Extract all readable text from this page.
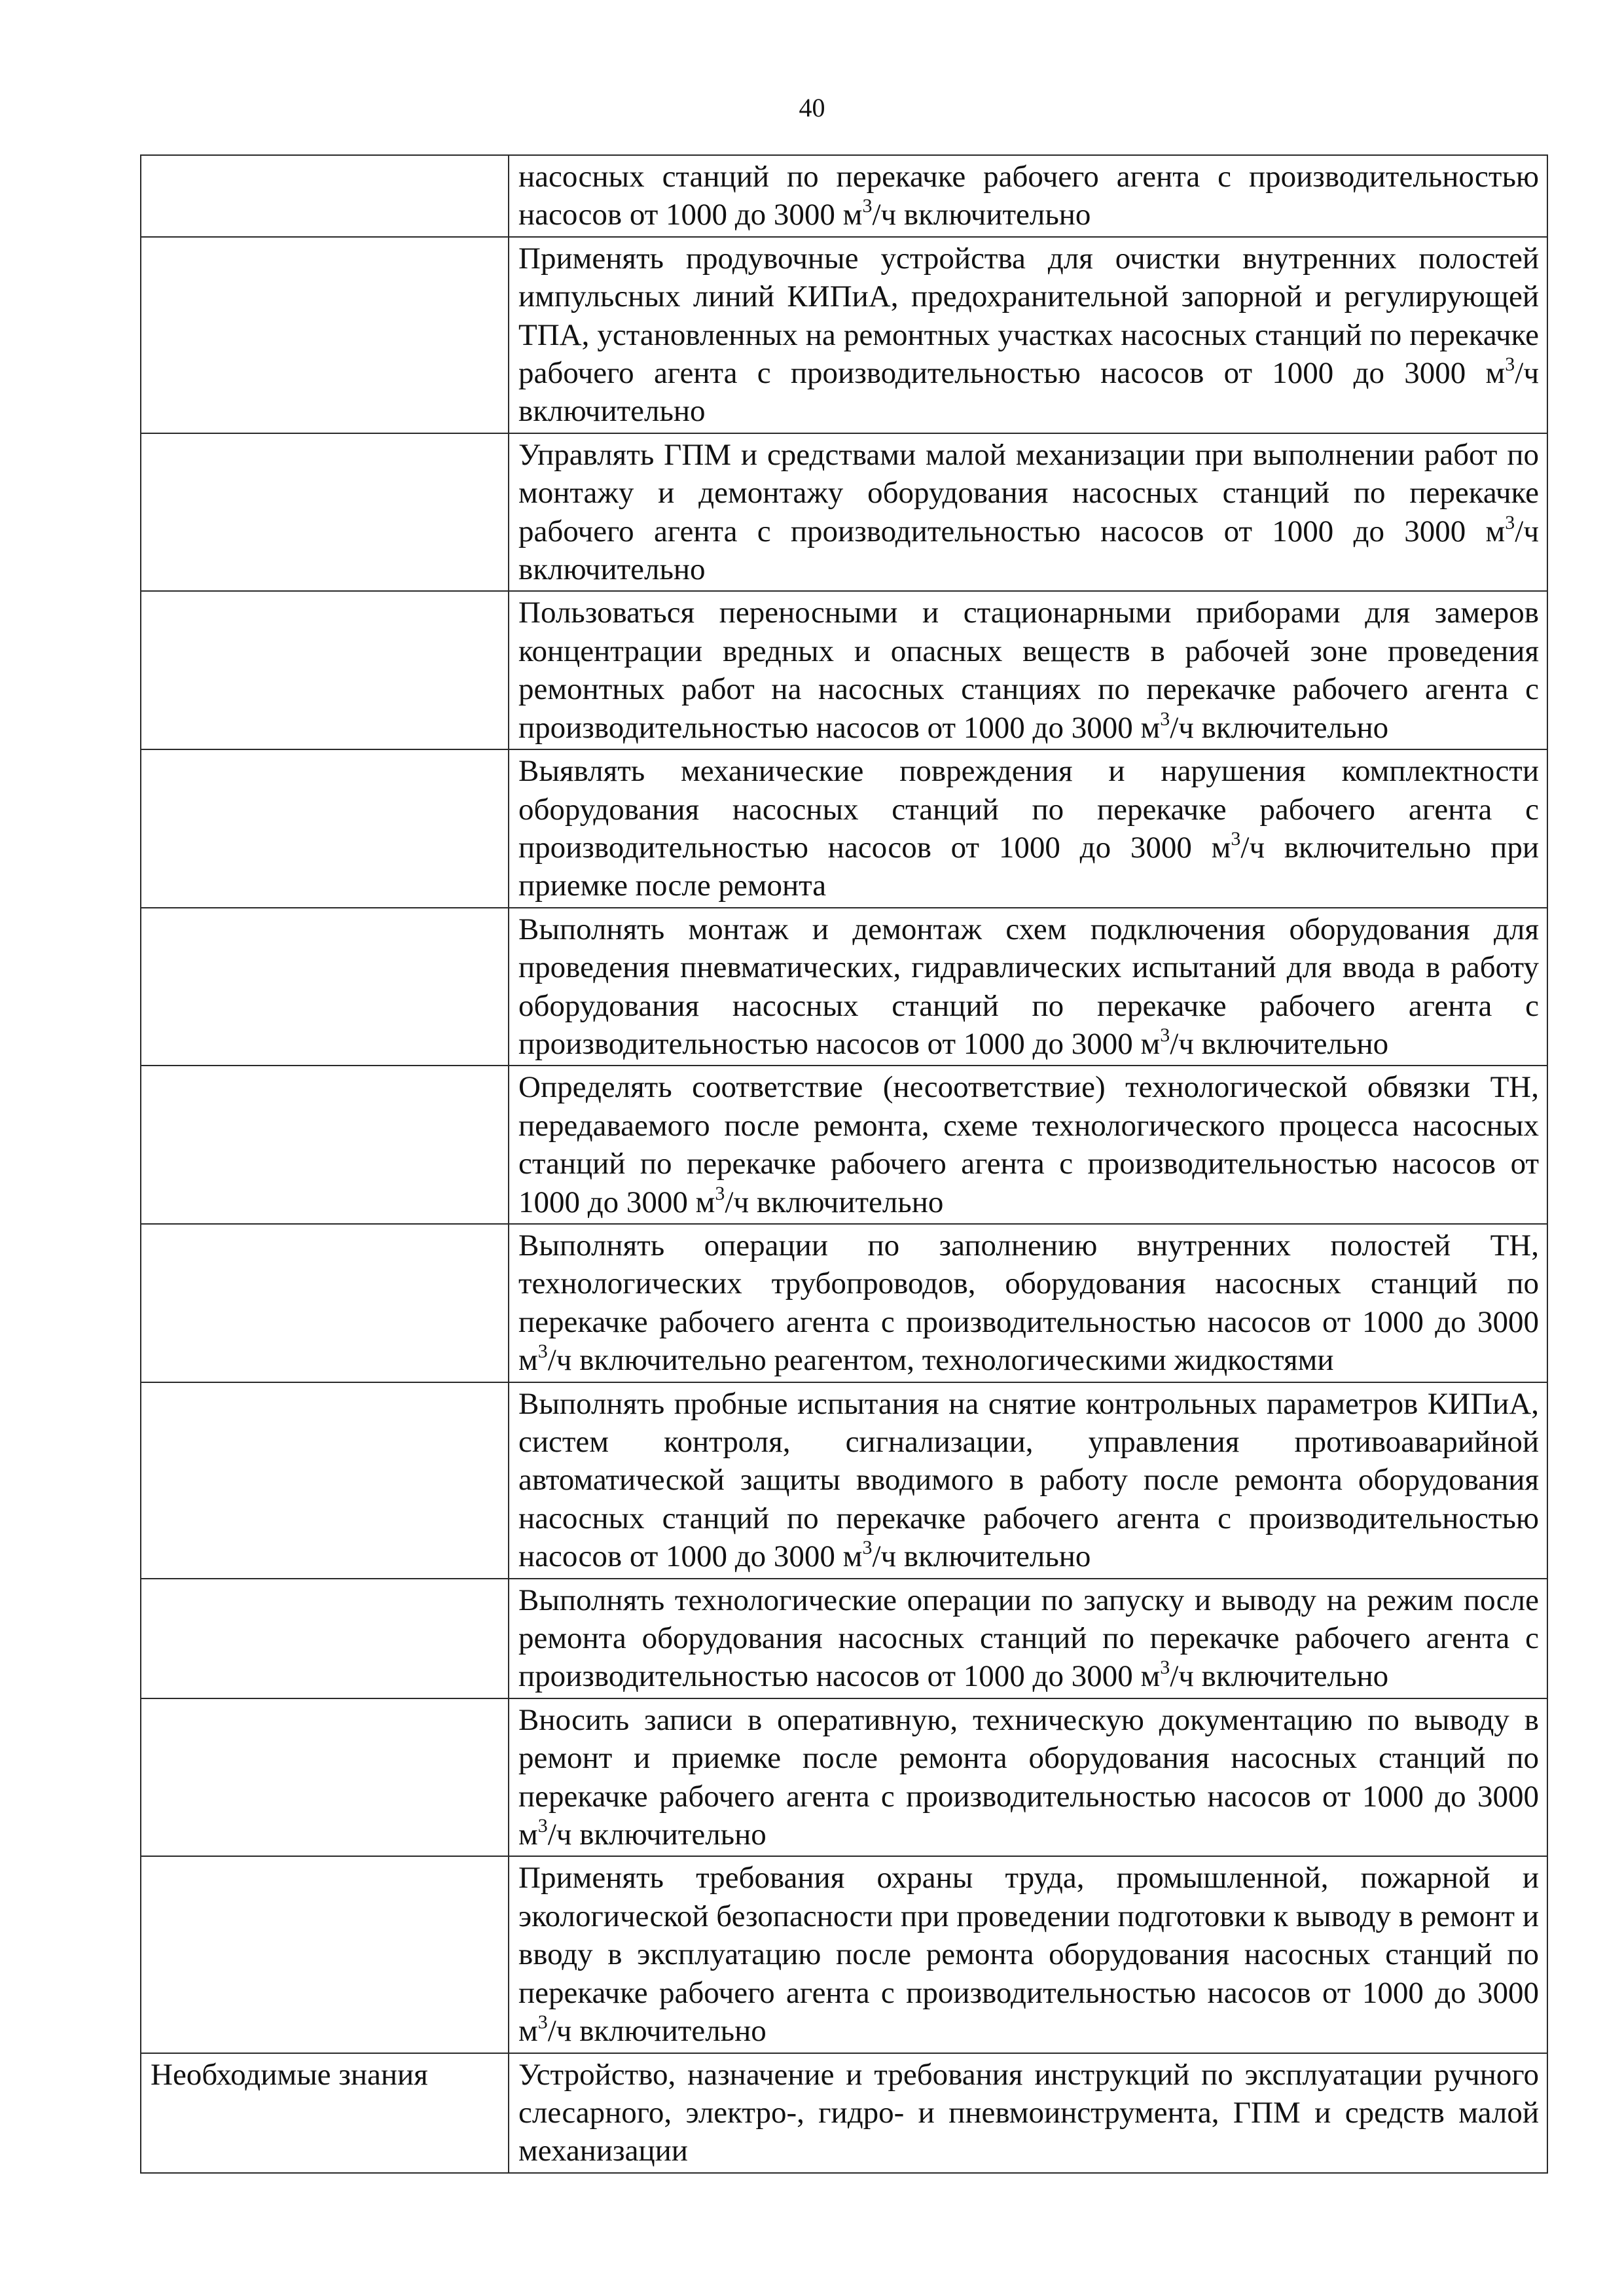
40
	насосных станций по перекачке рабочего агента с производительностью насосов от 1000 до 3000 $м^3/ч$ включительно
	Применять продувочные устройства для очистки внутренних полостей импульсных линий КИПиА, предохранительной запорной и регулирующей ТПА, установленных на ремонтных участках насосных станций по перекачке рабочего агента с производительностью насосов от 1000 до 3000 $м^3/ч$ включительно
	Управлять ГПМ и средствами малой механизации при выполнении работ по монтажу и демонтажу оборудования насосных станций по перекачке рабочего агента с производительностью насосов от 1000 до 3000 $м^3/ч$ включительно
	Пользоваться переносными и стационарными приборами для замеров концентрации вредных и опасных веществ в рабочей зоне проведения ремонтных работ на насосных станциях по перекачке рабочего агента с производительностью насосов от 1000 до 3000 $м^3/ч$ включительно
	Выявлять механические повреждения и нарушения комплектности оборудования насосных станций по перекачке рабочего агента с производительностью насосов от 1000 до 3000 $м^3/ч$ включительно при приемке после ремонта
	Выполнять монтаж и демонтаж схем подключения оборудования для проведения пневматических, гидравлических испытаний для ввода в работу оборудования насосных станций по перекачке рабочего агента с производительностью насосов от 1000 до 3000 $м^3/ч$ включительно
	Определять соответствие (несоответствие) технологической обвязки ТН, передаваемого после ремонта, схеме технологического процесса насосных станций по перекачке рабочего агента с производительностью насосов от 1000 до 3000 $м^3/ч$ включительно
	Выполнять операции по заполнению внутренних полостей ТН, технологических трубопроводов, оборудования насосных станций по перекачке рабочего агента с производительностью насосов от 1000 до 3000 $м^3/ч$ включительно реагентом, технологическими жидкостями
	Выполнять пробные испытания на снятие контрольных параметров КИПиА, систем контроля, сигнализации, управления противоаварийной автоматической защиты вводимого в работу после ремонта оборудования насосных станций по перекачке рабочего агента с производительностью насосов от 1000 до 3000 $м^3/ч$ включительно
	Выполнять технологические операции по запуску и выводу на режим после ремонта оборудования насосных станций по перекачке рабочего агента с производительностью насосов от 1000 до 3000 $м^3/ч$ включительно
	Вносить записи в оперативную, техническую документацию по выводу в ремонт и приемке после ремонта оборудования насосных станций по перекачке рабочего агента с производительностью насосов от 1000 до 3000 $м^3/ч$ включительно
	Применять требования охраны труда, промышленной, пожарной и экологической безопасности при проведении подготовки к выводу в ремонт и вводу в эксплуатацию после ремонта оборудования насосных станций по перекачке рабочего агента с производительностью насосов от 1000 до 3000 $м^3/ч$ включительно
Необходимые знания	Устройство, назначение и требования инструкций по эксплуатации ручного слесарного, электро-, гидро- и пневмоинструмента, ГПМ и средств малой механизации
